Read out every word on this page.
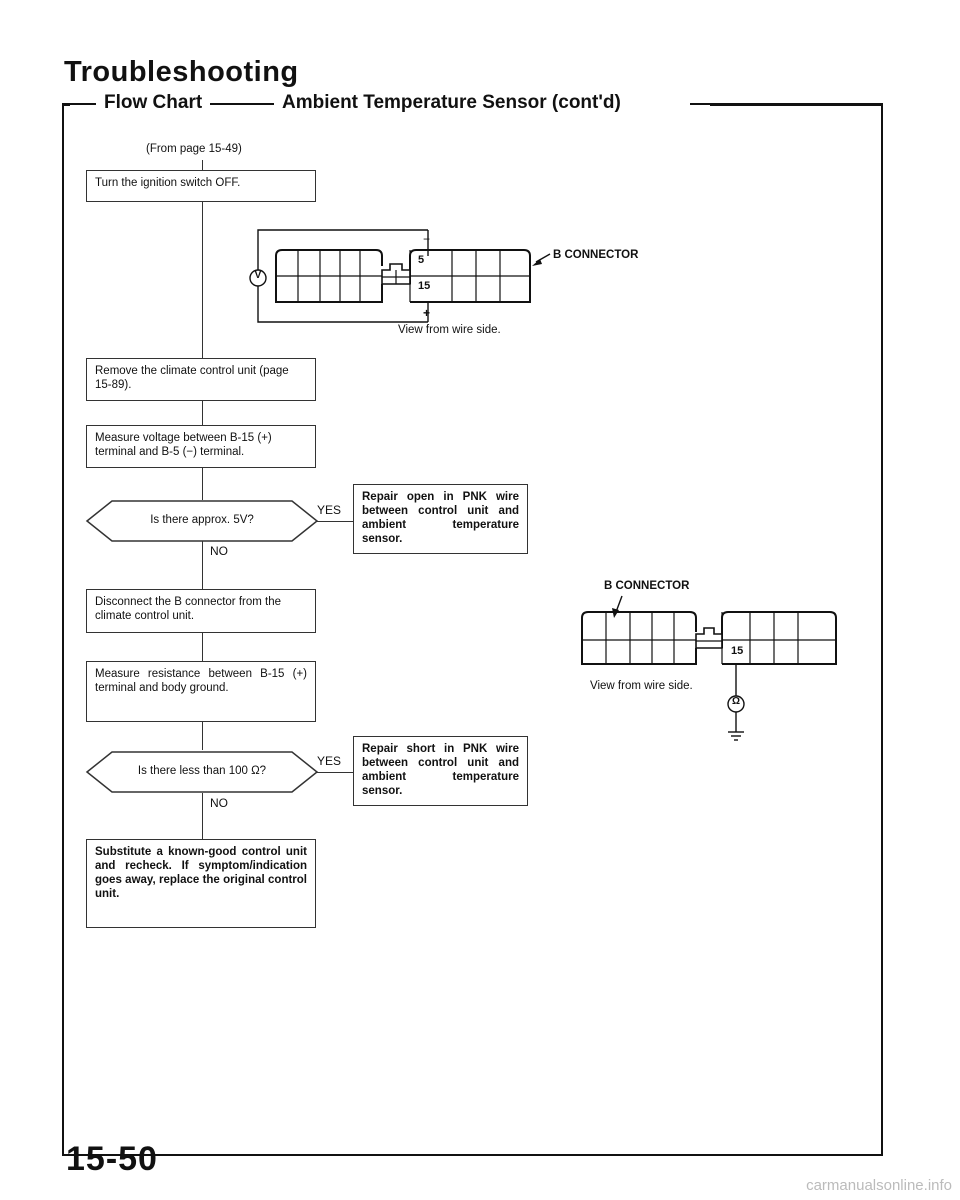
Troubleshooting
Flow Chart	Ambient Temperature Sensor (cont'd)
(From page 15-49)
Turn the ignition switch OFF.
Remove the climate control unit (page 15-89).
Measure voltage between B-15 (+) terminal and B-5 (−) terminal.
Is there approx. 5V?
YES
NO
Repair open in PNK wire between control unit and ambient temperature sensor.
Disconnect the B connector from the climate control unit.
Measure resistance between B-15 (+) terminal and body ground.
Is there less than 100 Ω?
YES
NO
Repair short in PNK wire between control unit and ambient temperature sensor.
Substitute a known-good control unit and recheck. If symptom/indication goes away, replace the original control unit.
V
−
+
5
15
B CONNECTOR
View from wire side.
B CONNECTOR
15
Ω
View from wire side.
15-50
carmanualsonline.info
